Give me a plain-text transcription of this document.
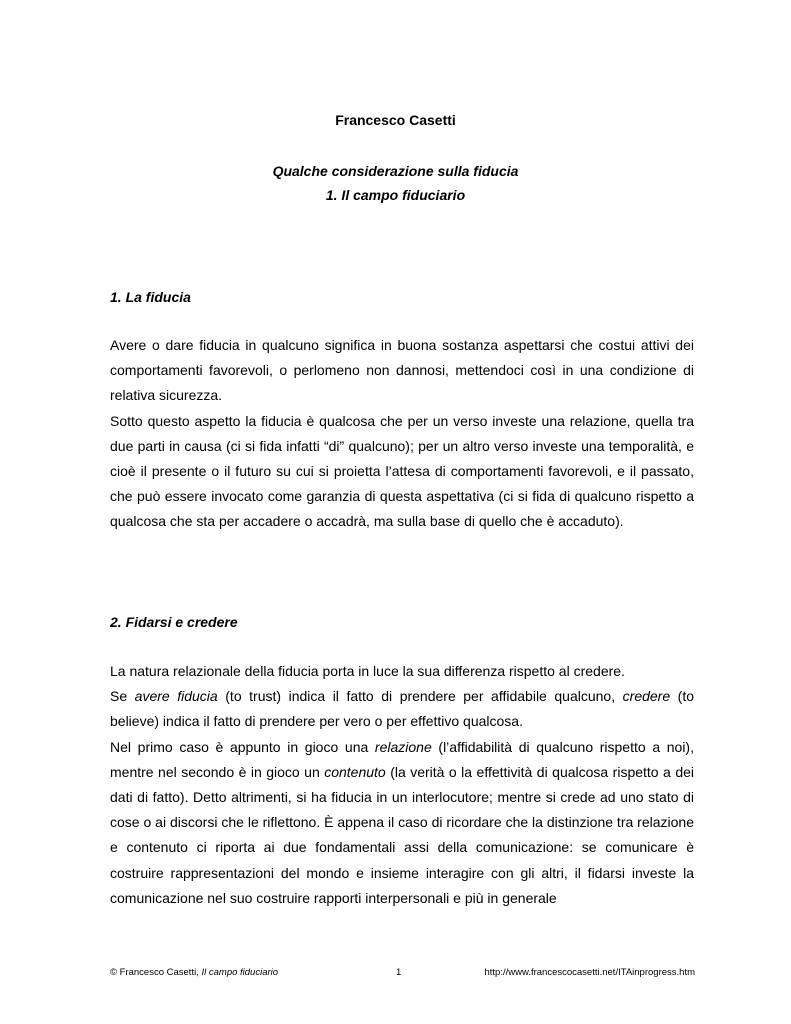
Francesco Casetti
Qualche considerazione sulla fiducia
1. Il campo fiduciario
1. La fiducia

Avere o dare fiducia in qualcuno significa in buona sostanza aspettarsi che costui attivi dei comportamenti favorevoli, o perlomeno non dannosi, mettendoci così in una condizione di relativa sicurezza.

Sotto questo aspetto la fiducia è qualcosa che per un verso investe una relazione, quella tra due parti in causa (ci si fida infatti “di” qualcuno); per un altro verso investe una temporalità, e cioè il presente o il futuro su cui si proietta l’attesa di comportamenti favorevoli, e il passato, che può essere invocato come garanzia di questa aspettativa (ci si fida di qualcuno rispetto a qualcosa che sta per accadere o accadrà, ma sulla base di quello che è accaduto).

2. Fidarsi e credere

La natura relazionale della fiducia porta in luce la sua differenza rispetto al credere.

Se avere fiducia (to trust) indica il fatto di prendere per affidabile qualcuno, credere (to believe) indica il fatto di prendere per vero o per effettivo qualcosa.

Nel primo caso è appunto in gioco una relazione (l’affidabilità di qualcuno rispetto a noi), mentre nel secondo è in gioco un contenuto (la verità o la effettività di qualcosa rispetto a dei dati di fatto). Detto altrimenti, si ha fiducia in un interlocutore; mentre si crede ad uno stato di cose o ai discorsi che le riflettono. È appena il caso di ricordare che la distinzione tra relazione e contenuto ci riporta ai due fondamentali assi della comunicazione: se comunicare è costruire rappresentazioni del mondo e insieme interagire con gli altri, il fidarsi investe la comunicazione nel suo costruire rapporti interpersonali e più in generale

© Francesco Casetti, Il campo fiduciario	1	http://www.francescocasetti.net/ITAinprogress.htm
